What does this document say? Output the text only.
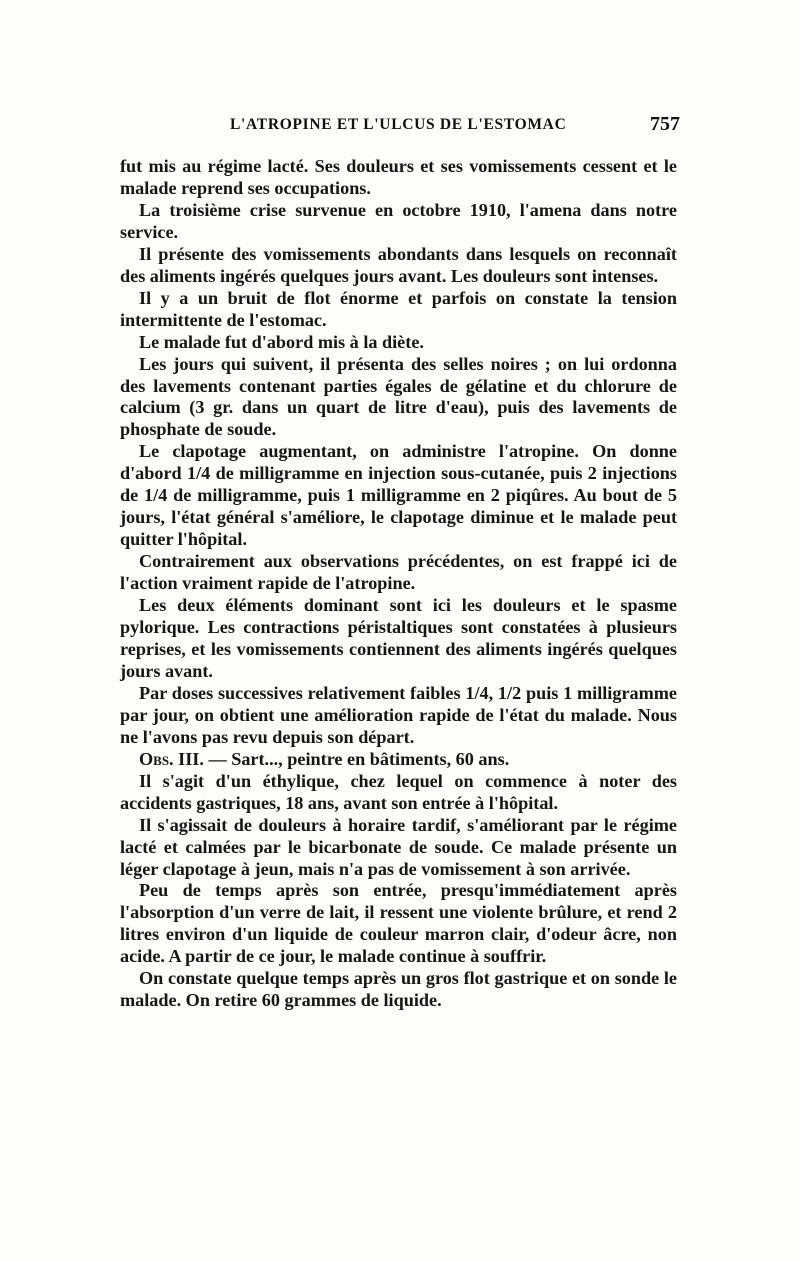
L'ATROPINE ET L'ULCUS DE L'ESTOMAC	757

fut mis au régime lacté. Ses douleurs et ses vomissements cessent et le malade reprend ses occupations.

La troisième crise survenue en octobre 1910, l'amena dans notre service.

Il présente des vomissements abondants dans lesquels on reconnaît des aliments ingérés quelques jours avant. Les douleurs sont intenses.

Il y a un bruit de flot énorme et parfois on constate la tension intermittente de l'estomac.

Le malade fut d'abord mis à la diète.

Les jours qui suivent, il présenta des selles noires ; on lui ordonna des lavements contenant parties égales de gélatine et du chlorure de calcium (3 gr. dans un quart de litre d'eau), puis des lavements de phosphate de soude.

Le clapotage augmentant, on administre l'atropine. On donne d'abord 1/4 de milligramme en injection sous-cutanée, puis 2 injections de 1/4 de milligramme, puis 1 milligramme en 2 piqûres. Au bout de 5 jours, l'état général s'améliore, le clapotage diminue et le malade peut quitter l'hôpital.

Contrairement aux observations précédentes, on est frappé ici de l'action vraiment rapide de l'atropine.

Les deux éléments dominant sont ici les douleurs et le spasme pylorique. Les contractions péristaltiques sont constatées à plusieurs reprises, et les vomissements contiennent des aliments ingérés quelques jours avant.

Par doses successives relativement faibles 1/4, 1/2 puis 1 milligramme par jour, on obtient une amélioration rapide de l'état du malade. Nous ne l'avons pas revu depuis son départ.

Obs. III. — Sart..., peintre en bâtiments, 60 ans.

Il s'agit d'un éthylique, chez lequel on commence à noter des accidents gastriques, 18 ans, avant son entrée à l'hôpital.

Il s'agissait de douleurs à horaire tardif, s'améliorant par le régime lacté et calmées par le bicarbonate de soude. Ce malade présente un léger clapotage à jeun, mais n'a pas de vomissement à son arrivée.

Peu de temps après son entrée, presqu'immédiatement après l'absorption d'un verre de lait, il ressent une violente brûlure, et rend 2 litres environ d'un liquide de couleur marron clair, d'odeur âcre, non acide. A partir de ce jour, le malade continue à souffrir.

On constate quelque temps après un gros flot gastrique et on sonde le malade. On retire 60 grammes de liquide.
